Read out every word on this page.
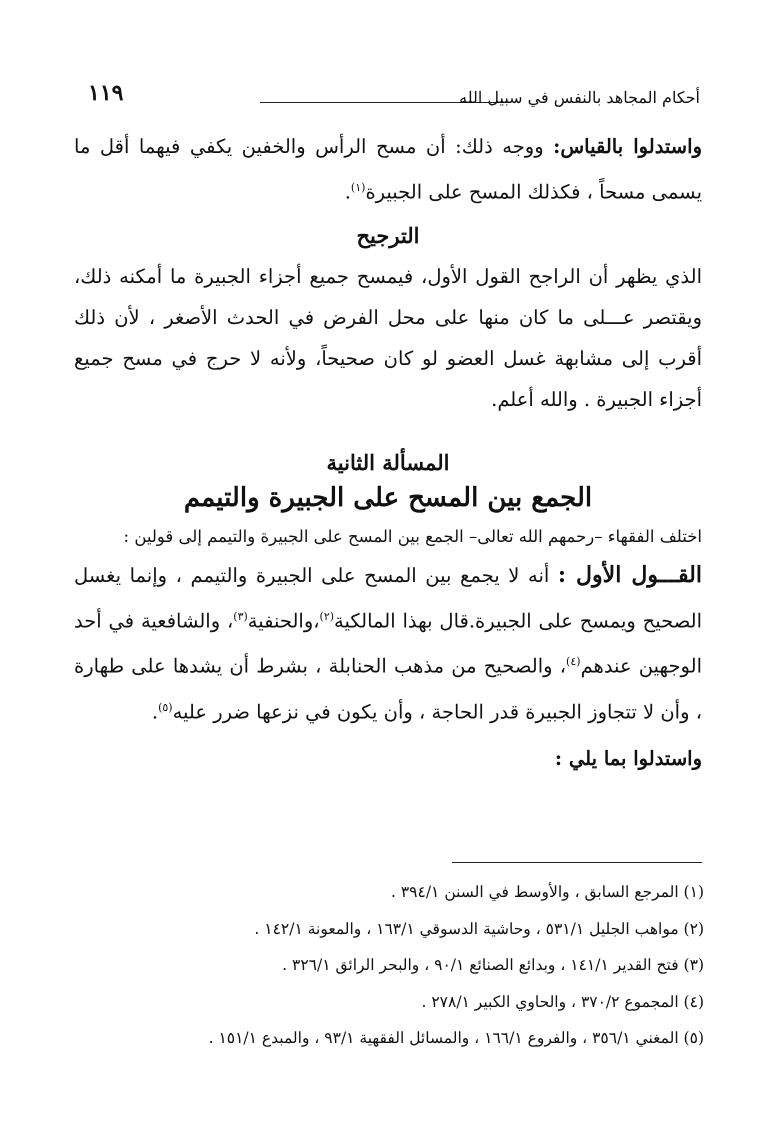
١١٩	أحكام المجاهد بالنفس في سبيل الله

واستدلوا بالقياس: ووجه ذلك: أن مسح الرأس والخفين يكفي فيهما أقل ما يسمى مسحاً ، فكذلك المسح على الجبيرة$^{(١)}$.

الترجيح

الذي يظهر أن الراجح القول الأول، فيمسح جميع أجزاء الجبيرة ما أمكنه ذلك، ويقتصر عـــلى ما كان منها على محل الفرض في الحدث الأصغر ، لأن ذلك أقرب إلى مشابهة غسل العضو لو كان صحيحاً، ولأنه لا حرج في مسح جميع أجزاء الجبيرة . والله أعلم.

المسألة الثانية
الجمع بين المسح على الجبيرة والتيمم

اختلف الفقهاء –رحمهم الله تعالى– الجمع بين المسح على الجبيرة والتيمم إلى قولين :

القـــول الأول : أنه لا يجمع بين المسح على الجبيرة والتيمم ، وإنما يغسل الصحيح ويمسح على الجبيرة.قال بهذا المالكية$^{(٢)}$،والحنفية$^{(٣)}$، والشافعية في أحد الوجهين عندهم$^{(٤)}$، والصحيح من مذهب الحنابلة ، بشرط أن يشدها على طهارة ، وأن لا تتجاوز الجبيرة قدر الحاجة ، وأن يكون في نزعها ضرر عليه$^{(٥)}$.

واستدلوا بما يلي :

(١) المرجع السابق ، والأوسط في السنن ٣٩٤/١ .

(٢) مواهب الجليل ٥٣١/١ ، وحاشية الدسوقي ١٦٣/١ ، والمعونة ١٤٢/١ .

(٣) فتح القدير ١٤١/١ ، وبدائع الصنائع ٩٠/١ ، والبحر الرائق ٣٢٦/١ .

(٤) المجموع ٣٧٠/٢ ، والحاوي الكبير ٢٧٨/١ .

(٥) المغني ٣٥٦/١ ، والفروع ١٦٦/١ ، والمسائل الفقهية ٩٣/١ ، والمبدع ١٥١/١ .
